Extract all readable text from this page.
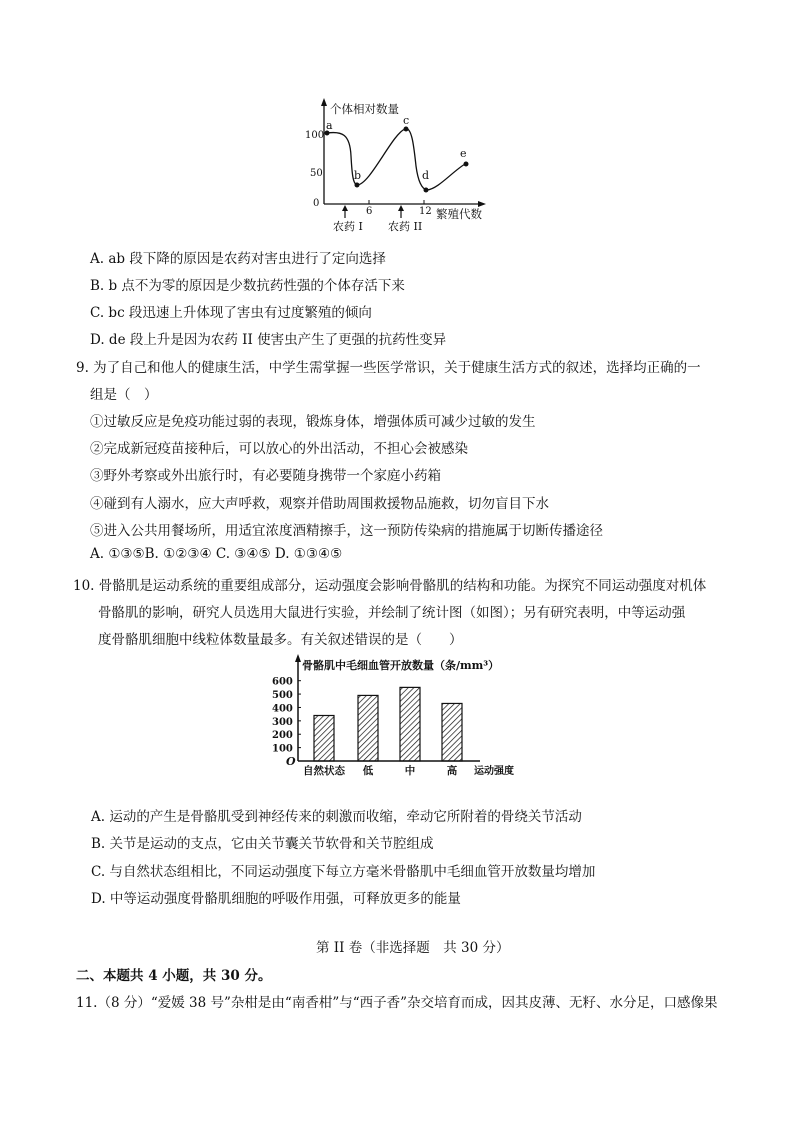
个体相对数量
繁殖代数
100
50
0
6	12
a
b
c
d
e
农药 I 农药 II
A. ab 段下降的原因是农药对害虫进行了定向选择
B. b 点不为零的原因是少数抗药性强的个体存活下来
C. bc 段迅速上升体现了害虫有过度繁殖的倾向
D. de 段上升是因为农药 II 使害虫产生了更强的抗药性变异
9. 为了自己和他人的健康生活，中学生需掌握一些医学常识，关于健康生活方式的叙述，选择均正确的一
组是（　）
①过敏反应是免疫功能过弱的表现，锻炼身体，增强体质可减少过敏的发生
②完成新冠疫苗接种后，可以放心的外出活动，不担心会被感染
③野外考察或外出旅行时，有必要随身携带一个家庭小药箱
④碰到有人溺水，应大声呼救，观察并借助周围救援物品施救，切勿盲目下水
⑤进入公共用餐场所，用适宜浓度酒精擦手，这一预防传染病的措施属于切断传播途径
A. ①③⑤B. ①②③④ C. ③④⑤ D. ①③④⑤
10. 骨骼肌是运动系统的重要组成部分，运动强度会影响骨骼肌的结构和功能。为探究不同运动强度对机体
骨骼肌的影响，研究人员选用大鼠进行实验，并绘制了统计图（如图）；另有研究表明，中等运动强
度骨骼肌细胞中线粒体数量最多。有关叙述错误的是（　　）
骨骼肌中毛细血管开放数量（条/mm³）
O
运动强度
100
200
300
400
500
600
自然状态 低	中	高
A. 运动的产生是骨骼肌受到神经传来的刺激而收缩，牵动它所附着的骨绕关节活动
B. 关节是运动的支点，它由关节囊关节软骨和关节腔组成
C. 与自然状态组相比，不同运动强度下每立方毫米骨骼肌中毛细血管开放数量均增加
D. 中等运动强度骨骼肌细胞的呼吸作用强，可释放更多的能量
第 II 卷（非选择题　共 30 分）
二、本题共 4 小题，共 30 分。
11.（8 分）“爱媛 38 号”杂柑是由“南香柑”与“西子香”杂交培育而成，因其皮薄、无籽、水分足，口感像果
